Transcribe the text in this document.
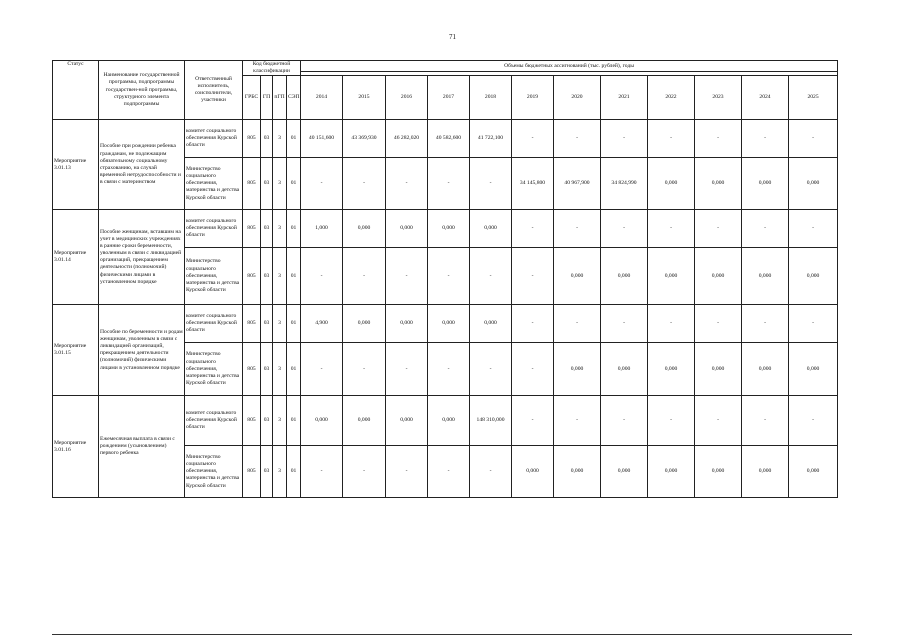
71
Статус	Наименование государственной программы, подпрограммы государствен-ной программы, структурного элемента подпрограммы	Ответственный исполнитель, соисполнители, участники	Код бюджетной классификации				Объемы бюджетных ассигнований (тыс. рублей), годы											

			ГРБС	ГП	пГП	СЭП	2014	2015	2016	2017	2018	2019	2020	2021	2022	2023	2024	2025
Мероприятие 3.01.13	Пособие при рождении ребенка гражданам, не подлежащим обязательному социальному страхованию, на случай временной нетрудоспособности и в связи с материнством	комитет социального обеспечения Курской области	805	03	3	01	40 151,600	43 369,930	46 282,020	40 582,600	41 722,100	-	-	-	-	-	-	-
		Министерство социального обеспечения, материнства и детства Курской области	805	03	3	01	-	-	-	-	-	34 145,800	40 967,900	34 824,990	0,000	0,000	0,000	0,000
Мероприятие 3.01.14	Пособие женщинам, вставшим на учет в медицинских учреждениях в ранние сроки беременности, уволенным в связи с ликвидацией организаций, прекращением деятельности (полномочий) физическими лицами в установленном порядке	комитет социального обеспечения Курской области	805	03	3	01	1,000	0,000	0,000	0,000	0,000	-	-	-	-	-	-	-
		Министерство социального обеспечения, материнства и детства Курской области	805	03	3	01	-	-	-	-	-	-	0,000	0,000	0,000	0,000	0,000	0,000
Мероприятие 3.01.15	Пособие по беременности и родам женщинам, уволенным в связи с ликвидацией организаций, прекращением деятельности (полномочий) физическими лицами в установленном порядке	комитет социального обеспечения Курской области	805	03	3	01	4,900	0,000	0,000	0,000	0,000	-	-	-	-	-	-	-
		Министерство социального обеспечения, материнства и детства Курской области	805	03	3	01	-	-	-	-	-	-	0,000	0,000	0,000	0,000	0,000	0,000
Мероприятие 3.01.16	Ежемесячная выплата в связи с рождением (усыновлением) первого ребенка	комитет социального обеспечения Курской области	805	03	3	01	0,000	0,000	0,000	0,000	148 310,000	-	-	-	-	-	-	-
		Министерство социального обеспечения, материнства и детства Курской области	805	03	3	01	-	-	-	-	-	0,000	0,000	0,000	0,000	0,000	0,000	0,000
